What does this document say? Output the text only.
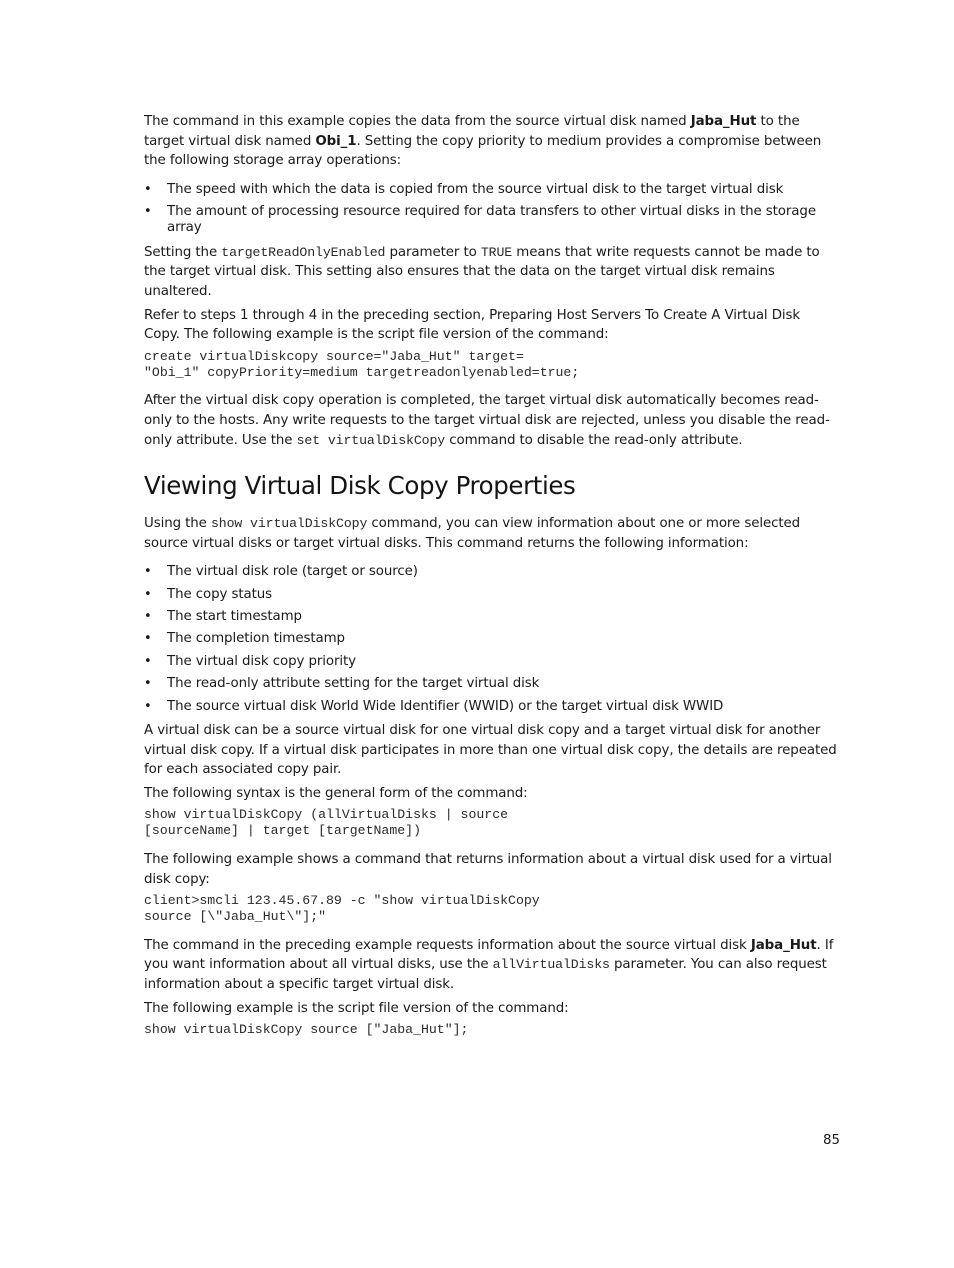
The command in this example copies the data from the source virtual disk named Jaba_Hut to the target virtual disk named Obi_1. Setting the copy priority to medium provides a compromise between the following storage array operations:

• The speed with which the data is copied from the source virtual disk to the target virtual disk
• The amount of processing resource required for data transfers to other virtual disks in the storage array

Setting the targetReadOnlyEnabled parameter to TRUE means that write requests cannot be made to the target virtual disk. This setting also ensures that the data on the target virtual disk remains unaltered.

Refer to steps 1 through 4 in the preceding section, Preparing Host Servers To Create A Virtual Disk Copy. The following example is the script file version of the command:

create virtualDiskcopy source="Jaba_Hut" target=
"Obi_1" copyPriority=medium targetreadonlyenabled=true;

After the virtual disk copy operation is completed, the target virtual disk automatically becomes read-only to the hosts. Any write requests to the target virtual disk are rejected, unless you disable the read-only attribute. Use the set virtualDiskCopy command to disable the read-only attribute.

Viewing Virtual Disk Copy Properties

Using the show virtualDiskCopy command, you can view information about one or more selected source virtual disks or target virtual disks. This command returns the following information:

• The virtual disk role (target or source)
• The copy status
• The start timestamp
• The completion timestamp
• The virtual disk copy priority
• The read-only attribute setting for the target virtual disk
• The source virtual disk World Wide Identifier (WWID) or the target virtual disk WWID

A virtual disk can be a source virtual disk for one virtual disk copy and a target virtual disk for another virtual disk copy. If a virtual disk participates in more than one virtual disk copy, the details are repeated for each associated copy pair.

The following syntax is the general form of the command:

show virtualDiskCopy (allVirtualDisks | source
[sourceName] | target [targetName])

The following example shows a command that returns information about a virtual disk used for a virtual disk copy:

client>smcli 123.45.67.89 -c "show virtualDiskCopy
source [\"Jaba_Hut\"];"

The command in the preceding example requests information about the source virtual disk Jaba_Hut. If you want information about all virtual disks, use the allVirtualDisks parameter. You can also request information about a specific target virtual disk.

The following example is the script file version of the command:

show virtualDiskCopy source ["Jaba_Hut"];
85
